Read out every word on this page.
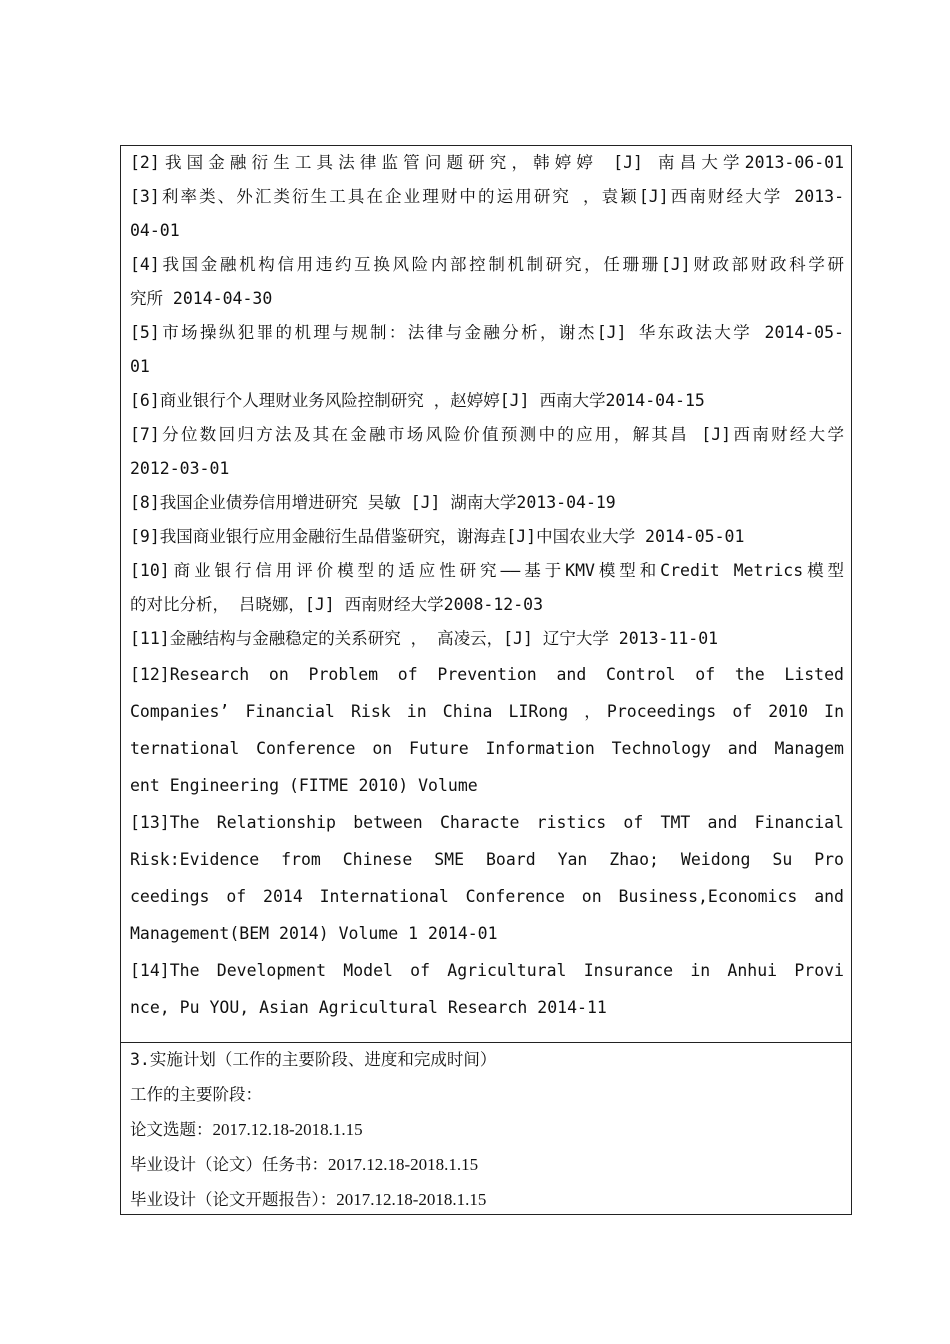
[2]我国金融衍生工具法律监管问题研究，韩婷婷 [J] 南昌大学2013-06-01
[3]利率类、外汇类衍生工具在企业理财中的运用研究 ，袁颖[J]西南财经大学 2013-
04-01
[4]我国金融机构信用违约互换风险内部控制机制研究，任珊珊[J]财政部财政科学研
究所 2014-04-30
[5]市场操纵犯罪的机理与规制：法律与金融分析，谢杰[J] 华东政法大学 2014-05-
01
[6]商业银行个人理财业务风险控制研究 ，赵婷婷[J] 西南大学2014-04-15
[7]分位数回归方法及其在金融市场风险价值预测中的应用，解其昌 [J]西南财经大学
2012-03-01
[8]我国企业债券信用增进研究 吴敏 [J] 湖南大学2013-04-19
[9]我国商业银行应用金融衍生品借鉴研究，谢海垚[J]中国农业大学 2014-05-01
[10]商业银行信用评价模型的适应性研究——基于KMV模型和Credit Metrics模型
的对比分析， 吕晓娜，[J] 西南财经大学2008-12-03
[11]金融结构与金融稳定的关系研究 ， 高凌云，[J] 辽宁大学 2013-11-01
[12]Research on Problem of Prevention and Control of the Listed
Companies’ Financial Risk in China LIRong ，Proceedings of 2010 In
ternational Conference on Future Information Technology and Managem
ent Engineering (FITME 2010) Volume
[13]The Relationship between Characte ristics of TMT and Financial
Risk:Evidence from Chinese SME Board Yan Zhao; Weidong Su Pro
ceedings of 2014 International Conference on Business,Economics and
Management(BEM 2014) Volume 1 2014-01
[14]The Development Model of Agricultural Insurance in Anhui Provi
nce, Pu YOU, Asian Agricultural Research 2014-11
3.实施计划（工作的主要阶段、进度和完成时间）
工作的主要阶段：
论文选题：2017.12.18-2018.1.15
毕业设计（论文）任务书：2017.12.18-2018.1.15
毕业设计（论文开题报告）：2017.12.18-2018.1.15
